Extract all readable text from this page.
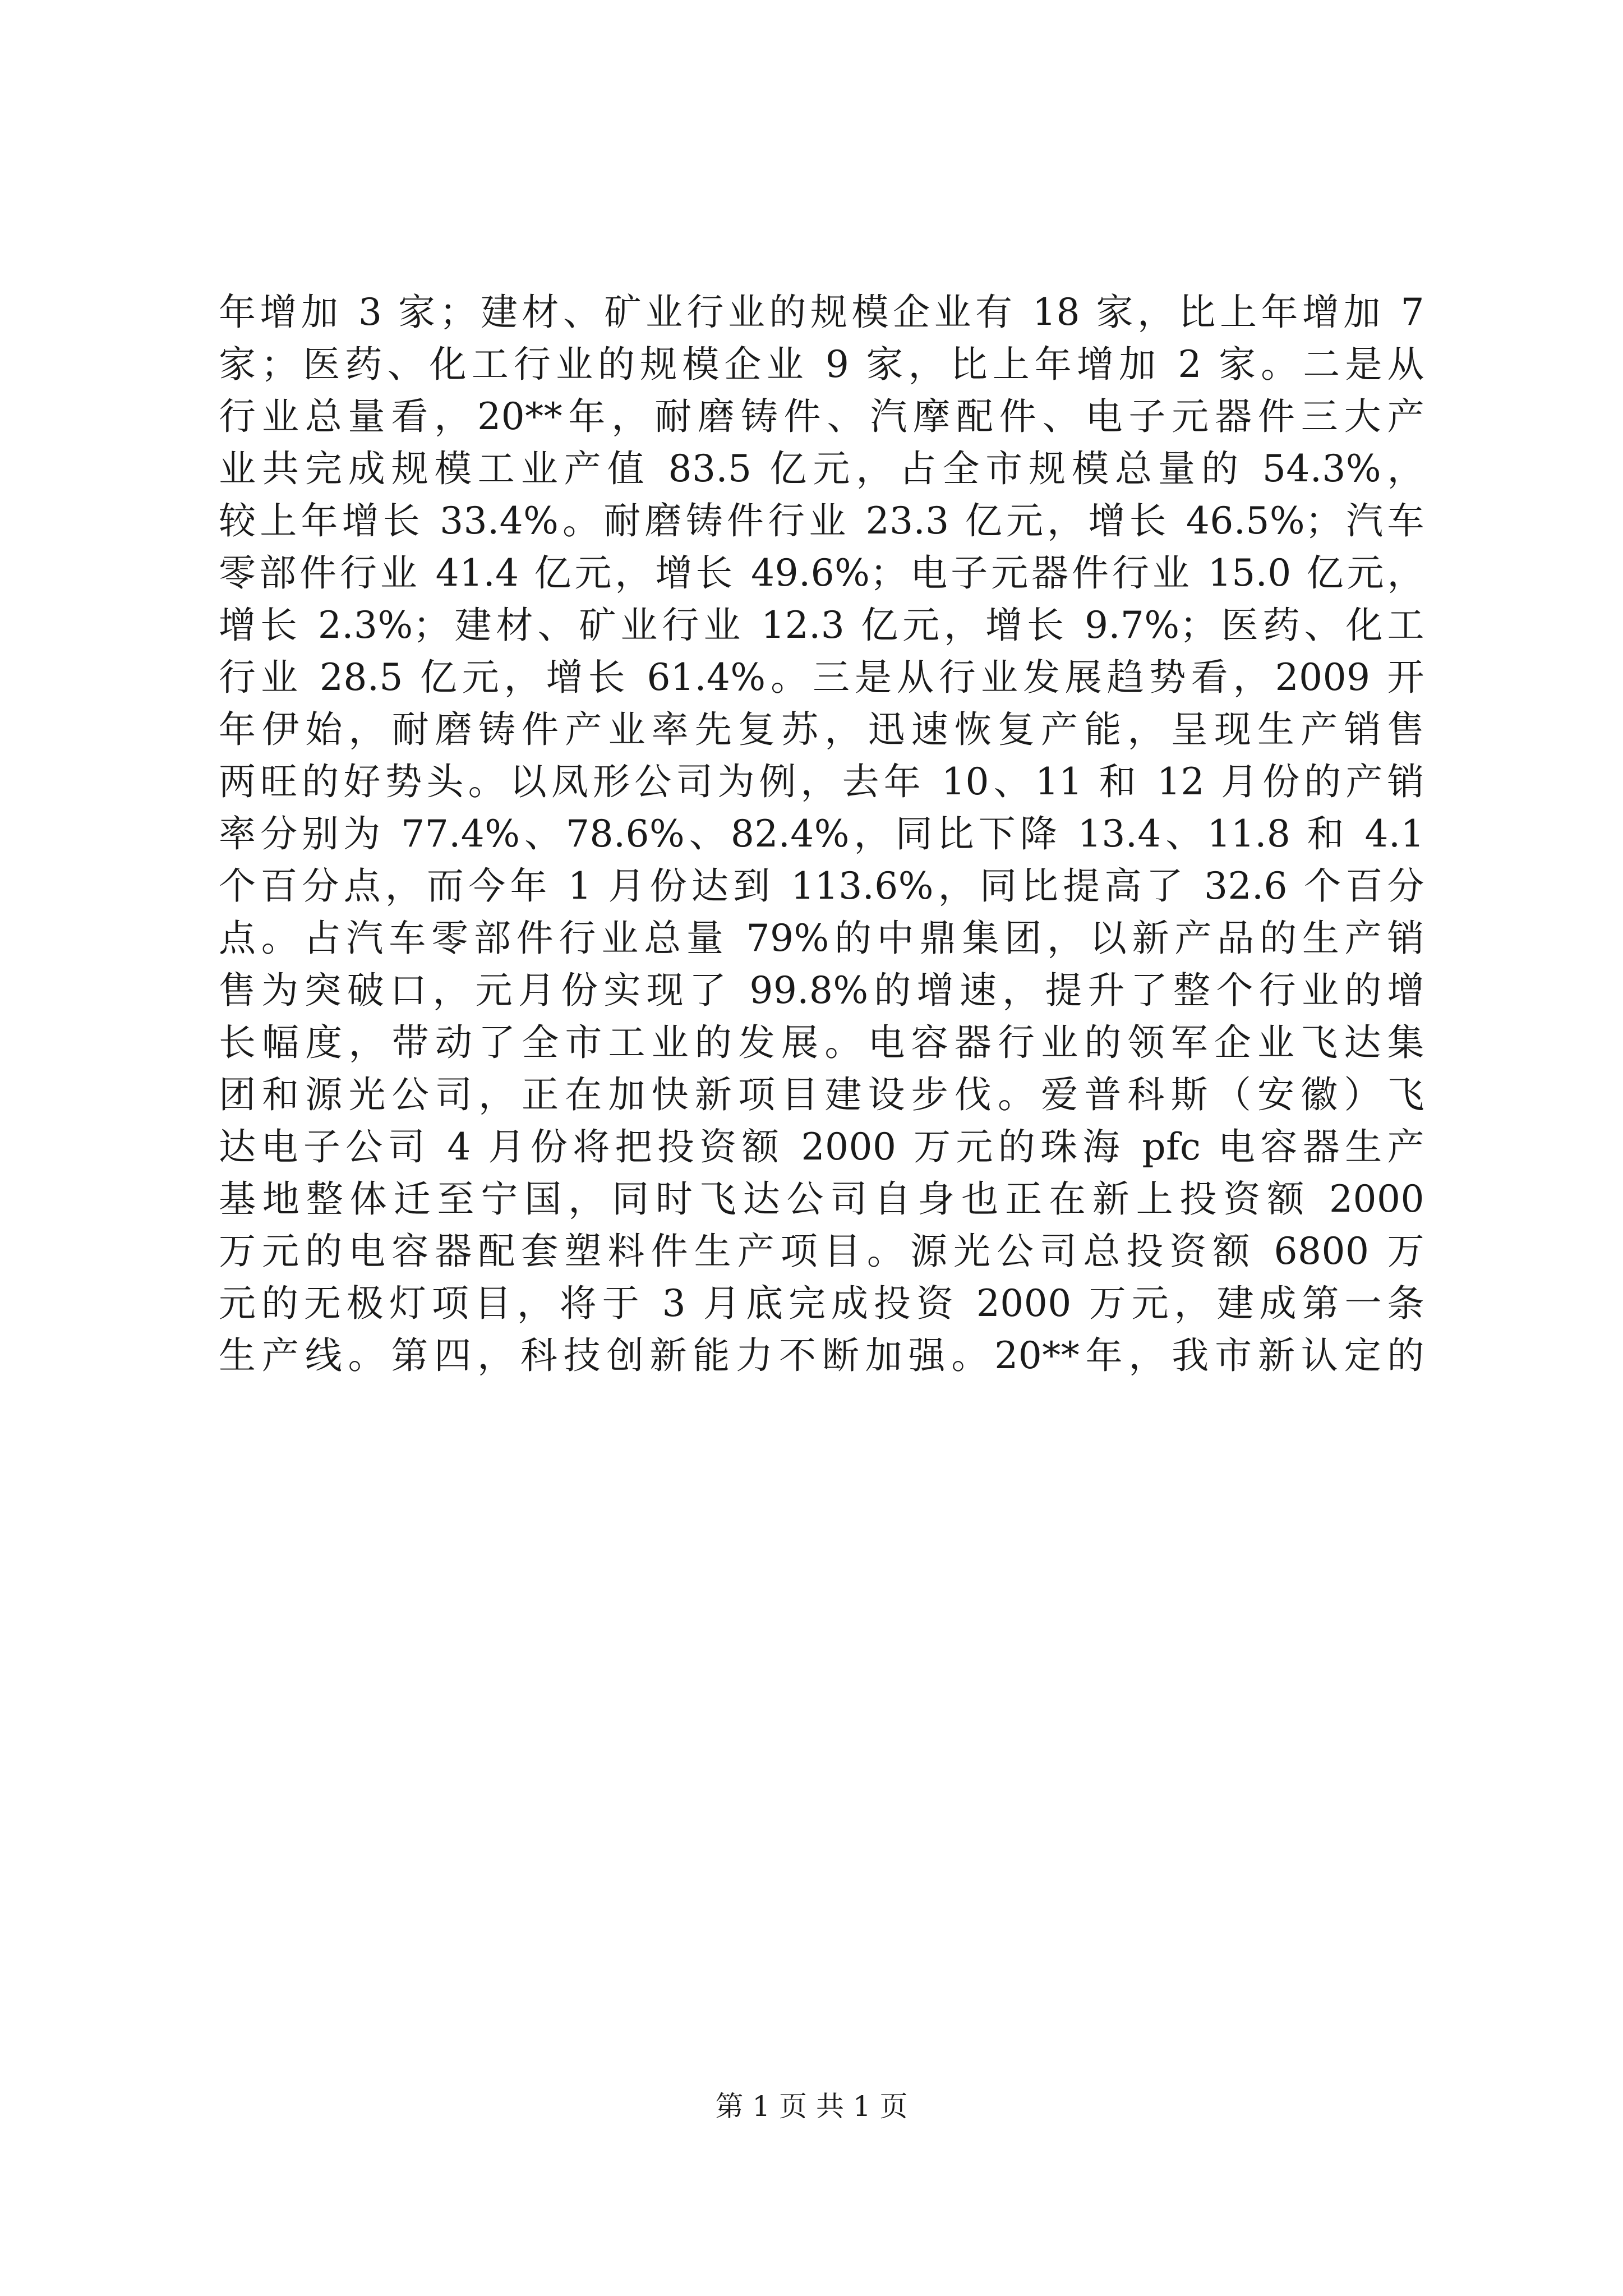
年增加 3 家；建材、矿业行业的规模企业有 18 家，比上年增加 7
家；医药、化工行业的规模企业 9 家，比上年增加 2 家。二是从
行业总量看，20**年，耐磨铸件、汽摩配件、电子元器件三大产
业共完成规模工业产值 83.5 亿元，占全市规模总量的 54.3%，
较上年增长 33.4%。耐磨铸件行业 23.3 亿元，增长 46.5%；汽车
零部件行业 41.4 亿元，增长 49.6%；电子元器件行业 15.0 亿元，
增长 2.3%；建材、矿业行业 12.3 亿元，增长 9.7%；医药、化工
行业 28.5 亿元，增长 61.4%。三是从行业发展趋势看，2009 开
年伊始，耐磨铸件产业率先复苏，迅速恢复产能，呈现生产销售
两旺的好势头。以凤形公司为例，去年 10、11 和 12 月份的产销
率分别为 77.4%、78.6%、82.4%，同比下降 13.4、11.8 和 4.1
个百分点，而今年 1 月份达到 113.6%，同比提高了 32.6 个百分
点。占汽车零部件行业总量 79%的中鼎集团，以新产品的生产销
售为突破口，元月份实现了 99.8%的增速，提升了整个行业的增
长幅度，带动了全市工业的发展。电容器行业的领军企业飞达集
团和源光公司，正在加快新项目建设步伐。爱普科斯（安徽）飞
达电子公司 4 月份将把投资额 2000 万元的珠海 pfc 电容器生产
基地整体迁至宁国，同时飞达公司自身也正在新上投资额 2000
万元的电容器配套塑料件生产项目。源光公司总投资额 6800 万
元的无极灯项目，将于 3 月底完成投资 2000 万元，建成第一条
生产线。第四，科技创新能力不断加强。20**年，我市新认定的
第 1 页 共 1 页
